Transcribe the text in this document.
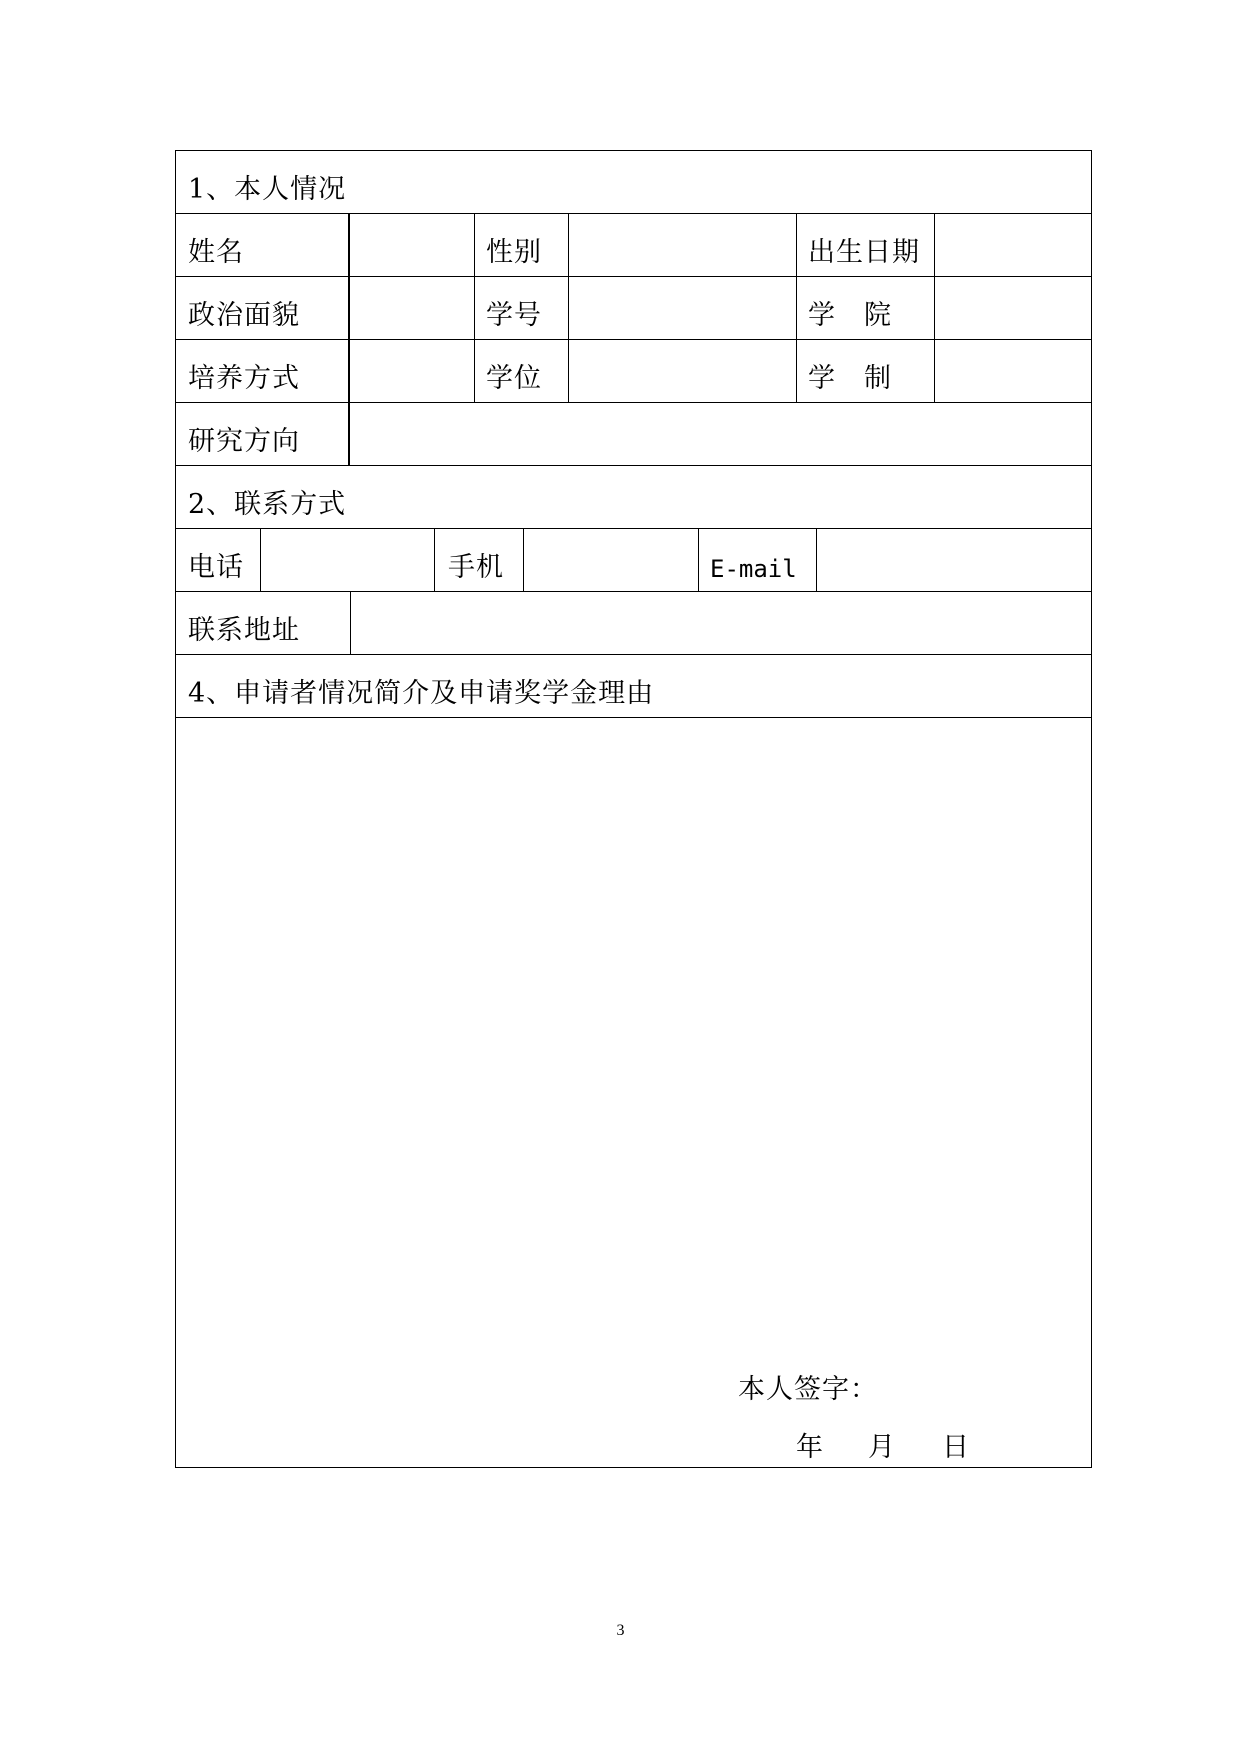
1、本人情况
姓名	性别	出生日期
政治面貌	学号	学　院
培养方式	学位	学　制
研究方向
2、联系方式
电话	手机	E-mail
联系地址
4、申请者情况简介及申请奖学金理由
本人签字：
年 月 日
3
